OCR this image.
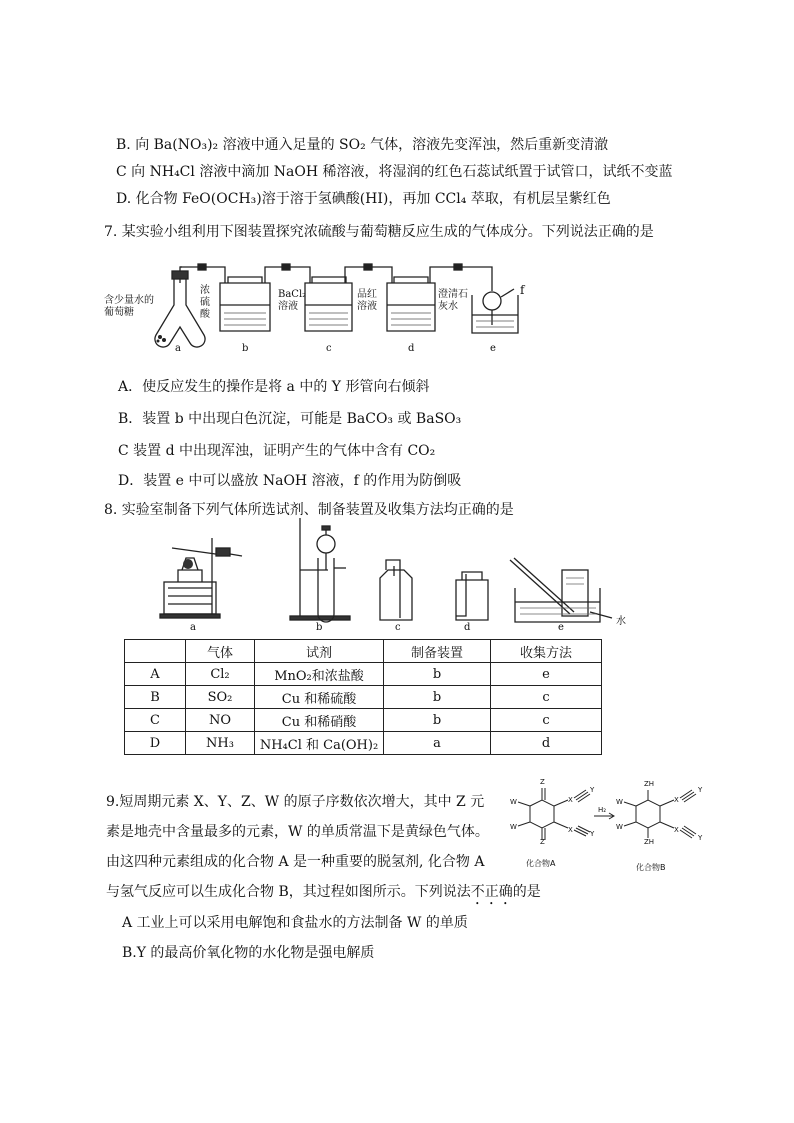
B. 向 Ba(NO₃)₂ 溶液中通入足量的 SO₂ 气体，溶液先变浑浊，然后重新变清澈
C 向 NH₄Cl 溶液中滴加 NaOH 稀溶液，将湿润的红色石蕊试纸置于试管口，试纸不变蓝
D. 化合物 FeO(OCH₃)溶于溶于氢碘酸(HI)，再加 CCl₄ 萃取，有机层呈紫红色
7. 某实验小组利用下图装置探究浓硫酸与葡萄糖反应生成的气体成分。下列说法正确的是
含少量水的葡萄糖
浓硫酸
BaCl₂溶液
品红溶液
澄清石灰水
f
a	b	c	d	e
A．使反应发生的操作是将 a 中的 Y 形管向右倾斜
B．装置 b 中出现白色沉淀，可能是 BaCO₃ 或 BaSO₃
C 装置 d 中出现浑浊，证明产生的气体中含有 CO₂
D．装置 e 中可以盛放 NaOH 溶液，f 的作用为防倒吸
8. 实验室制备下列气体所选试剂、制备装置及收集方法均正确的是
水
a	b	c	d	e
	气体	试剂	制备装置	收集方法
A	Cl₂	MnO₂和浓盐酸	b	e
B	SO₂	Cu 和稀硫酸	b	c
C	NO	Cu 和稀硝酸	b	c
D	NH₃	NH₄Cl 和 Ca(OH)₂	a	d
9.短周期元素 X、Y、Z、W 的原子序数依次增大，其中 Z 元
素是地壳中含量最多的元素，W 的单质常温下是黄绿色气体。
由这四种元素组成的化合物 A 是一种重要的脱氢剂, 化合物 A
与氢气反应可以生成化合物 B，其过程如图所示。下列说法不正确的是
Z
Z
W
W
X
X
Y
Y
H₂
ZH
ZH
W
W
X
X
Y
Y
化合物A	化合物B
A 工业上可以采用电解饱和食盐水的方法制备 W 的单质
B.Y 的最高价氧化物的水化物是强电解质
